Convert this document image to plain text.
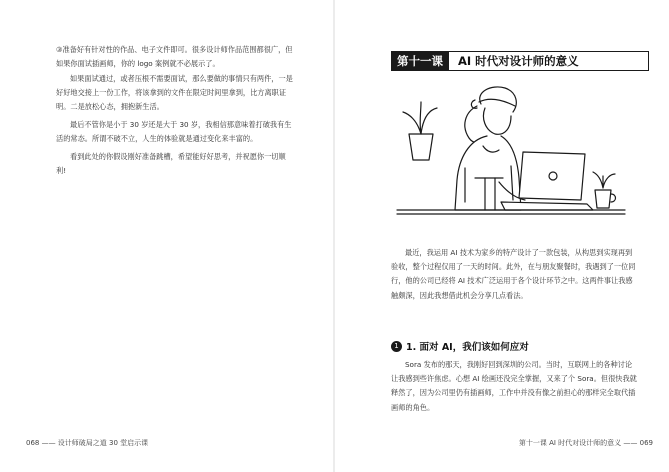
③准备好有针对性的作品、电子文件即可。很多设计师作品范围都很广，但如果你面试插画师，你的 logo 案例就不必展示了。

如果面试通过，或者压根不需要面试，那么要做的事情只有两件，一是好好地交接上一份工作，将该拿到的文件在限定时间里拿到，比方离职证明。二是放松心态，拥抱新生活。

最后不管你是小于 30 岁还是大于 30 岁，我相信那意味着打破我有生活的常态。所谓不破不立，人生的体验就是通过变化来丰富的。

看到此处的你假设刚好准备跳槽，希望能好好思考，并祝愿你一切顺利!

068 —— 设计师破局之道 30 堂启示课
第十一课	AI 时代对设计师的意义

最近，我运用 AI 技术为家乡的特产设计了一款包装，从构思到实现再到验收，整个过程仅用了一天的时间。此外，在与朋友聚餐时，我遇到了一位同行，他的公司已经将 AI 技术广泛运用于各个设计环节之中。这两件事让我感触颇深，因此我想借此机会分享几点看法。

1 1. 面对 AI，我们该如何应对

Sora 发布的那天，我刚好回到深圳的公司。当时，互联网上的各种讨论让我感到些许焦虑。心想 AI 绘画还没完全掌握，又来了个 Sora。但很快我就释然了，因为公司里仍有插画师，工作中并没有像之前担心的那样完全取代插画师的角色。

第十一课 AI 时代对设计师的意义 —— 069
